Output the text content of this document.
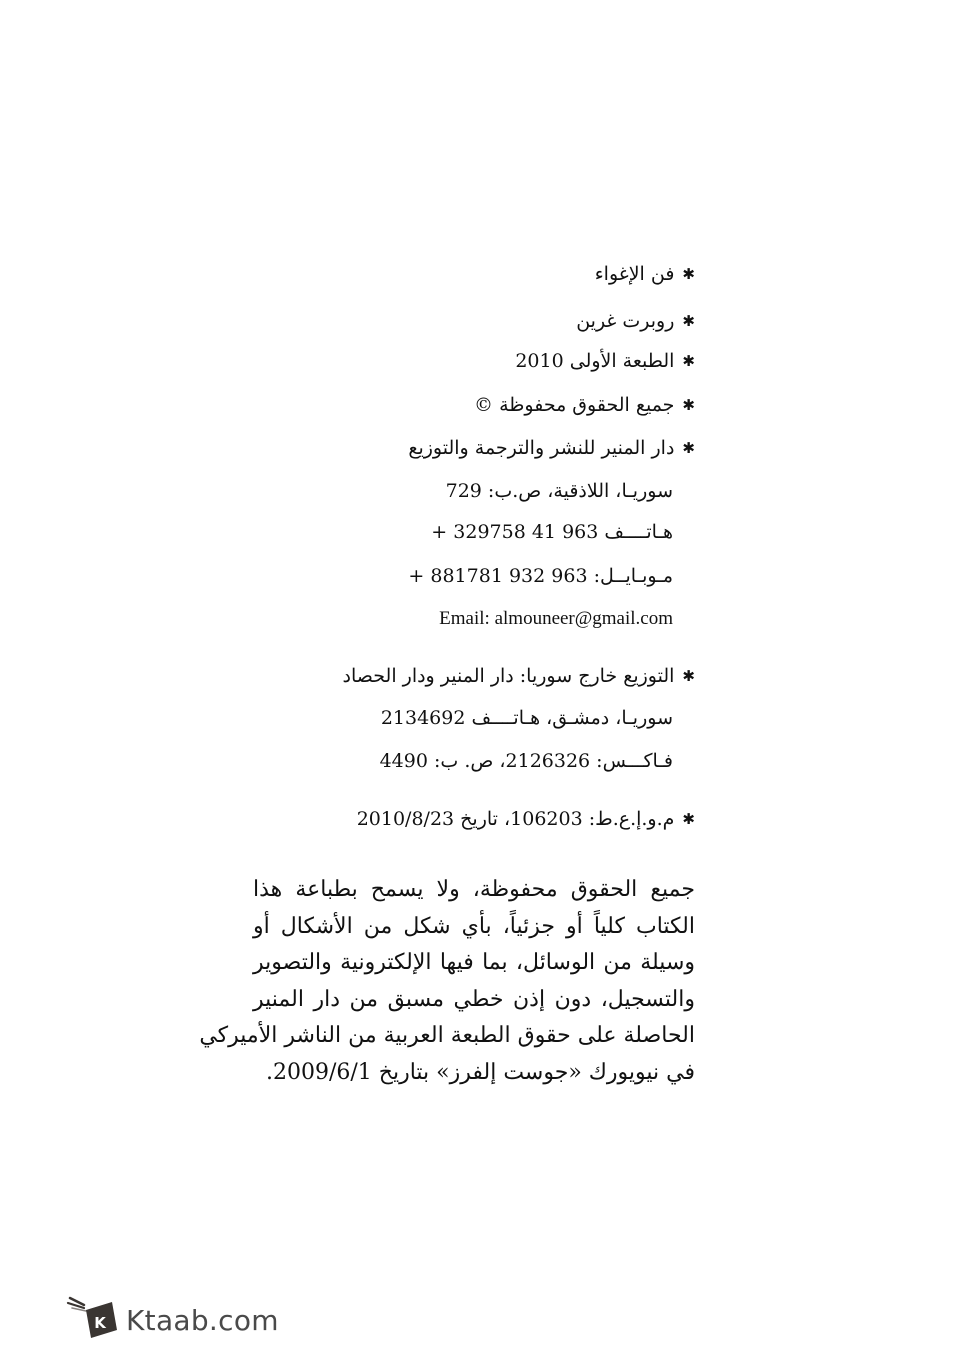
✱فن الإغواء
✱روبرت غرين
✱الطبعة الأولى 2010
✱جميع الحقوق محفوظة ©
✱دار المنير للنشر والترجمة والتوزيع
سوريـا، اللاذقية، ص.ب: 729
هـاتــــف 963 41 329758 +
مـوبـايــل: 963 932 881781 +
Email: almouneer@gmail.com
✱التوزيع خارج سوريا: دار المنير ودار الحصاد
سوريـا، دمشـق، هـاتــــف 2134692
فـاكـــس: 2126326، ص. ب: 4490
✱م.و.إ.ع.ط: 106203، تاريخ 2010/8/23
جميع الحقوق محفوظة، ولا يسمح بطباعة هذا
الكتاب كلياً أو جزئياً، بأي شكل من الأشكال أو
وسيلة من الوسائل، بما فيها الإلكترونية والتصوير
والتسجيل، دون إذن خطي مسبق من دار المنير
الحاصلة على حقوق الطبعة العربية من الناشر الأميركي
في نيويورك «جوست إلفرز» بتاريخ 2009/6/1.
K Ktaab.com
